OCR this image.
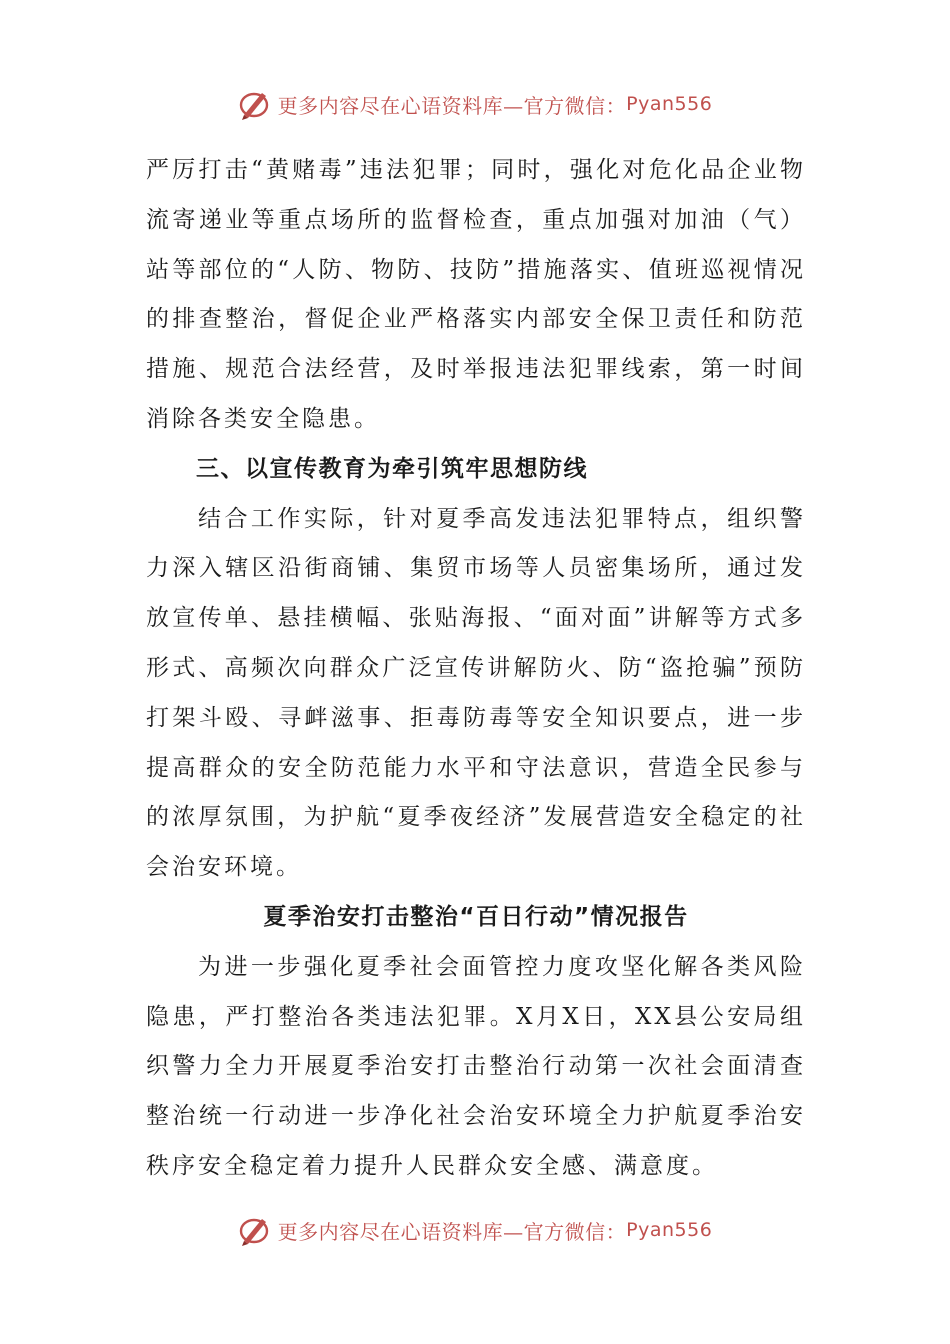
更多内容尽在心语资料库—官方微信： Pyan556

严厉打击“黄赌毒”违法犯罪；同时，强化对危化品企业物流寄递业等重点场所的监督检查，重点加强对加油（气）站等部位的“人防、物防、技防”措施落实、值班巡视情况的排查整治，督促企业严格落实内部安全保卫责任和防范措施、规范合法经营，及时举报违法犯罪线索，第一时间消除各类安全隐患。

三、以宣传教育为牵引筑牢思想防线

结合工作实际，针对夏季高发违法犯罪特点，组织警力深入辖区沿街商铺、集贸市场等人员密集场所，通过发放宣传单、悬挂横幅、张贴海报、“面对面”讲解等方式多形式、高频次向群众广泛宣传讲解防火、防“盗抢骗”预防打架斗殴、寻衅滋事、拒毒防毒等安全知识要点，进一步提高群众的安全防范能力水平和守法意识，营造全民参与的浓厚氛围，为护航“夏季夜经济”发展营造安全稳定的社会治安环境。

夏季治安打击整治“百日行动”情况报告

为进一步强化夏季社会面管控力度攻坚化解各类风险隐患，严打整治各类违法犯罪。X月X日，XX县公安局组织警力全力开展夏季治安打击整治行动第一次社会面清查整治统一行动进一步净化社会治安环境全力护航夏季治安秩序安全稳定着力提升人民群众安全感、满意度。

更多内容尽在心语资料库—官方微信： Pyan556
